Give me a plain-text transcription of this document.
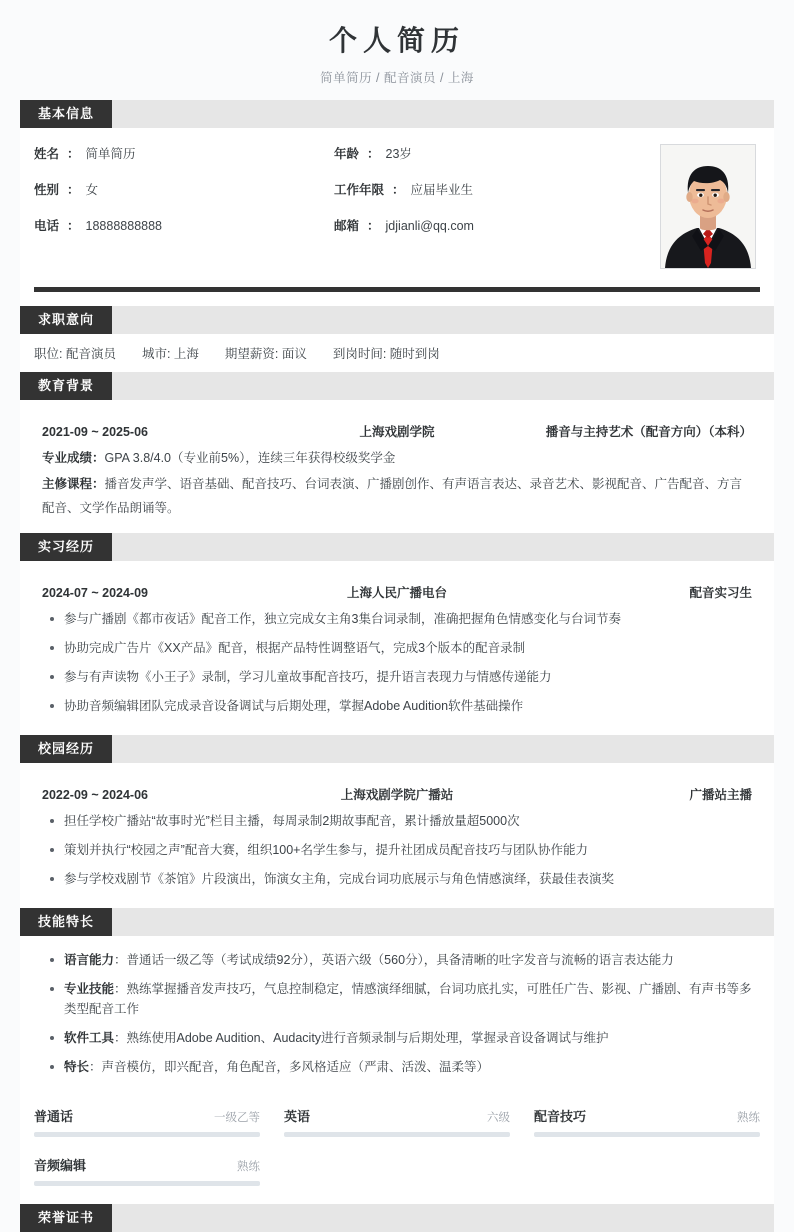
个人简历
简单简历 / 配音演员 / 上海
基本信息
姓名 ： 简单简历
性别 ： 女
电话 ： 18888888888
年龄 ： 23岁
工作年限 ： 应届毕业生
邮箱 ： jdjianli@qq.com
求职意向
职位: 配音演员 城市: 上海 期望薪资: 面议 到岗时间: 随时到岗
教育背景
2021-09 ~ 2025-06	上海戏剧学院	播音与主持艺术（配音方向）（本科）
专业成绩：GPA 3.8/4.0（专业前5%），连续三年获得校级奖学金
主修课程：播音发声学、语音基础、配音技巧、台词表演、广播剧创作、有声语言表达、录音艺术、影视配音、广告配音、方言配音、文学作品朗诵等。
实习经历
2024-07 ~ 2024-09	上海人民广播电台	配音实习生
参与广播剧《都市夜话》配音工作，独立完成女主角3集台词录制，准确把握角色情感变化与台词节奏
协助完成广告片《XX产品》配音，根据产品特性调整语气，完成3个版本的配音录制
参与有声读物《小王子》录制，学习儿童故事配音技巧，提升语言表现力与情感传递能力
协助音频编辑团队完成录音设备调试与后期处理，掌握Adobe Audition软件基础操作
校园经历
2022-09 ~ 2024-06	上海戏剧学院广播站	广播站主播
担任学校广播站“故事时光”栏目主播，每周录制2期故事配音，累计播放量超5000次
策划并执行“校园之声”配音大赛，组织100+名学生参与，提升社团成员配音技巧与团队协作能力
参与学校戏剧节《茶馆》片段演出，饰演女主角，完成台词功底展示与角色情感演绎，获最佳表演奖
技能特长
语言能力：普通话一级乙等（考试成绩92分），英语六级（560分），具备清晰的吐字发音与流畅的语言表达能力
专业技能：熟练掌握播音发声技巧，气息控制稳定，情感演绎细腻，台词功底扎实，可胜任广告、影视、广播剧、有声书等多类型配音工作
软件工具：熟练使用Adobe Audition、Audacity进行音频录制与后期处理，掌握录音设备调试与维护
特长：声音模仿，即兴配音，角色配音，多风格适应（严肃、活泼、温柔等）
普通话	一级乙等 英语	六级 配音技巧	熟练
音频编辑	熟练
荣誉证书
